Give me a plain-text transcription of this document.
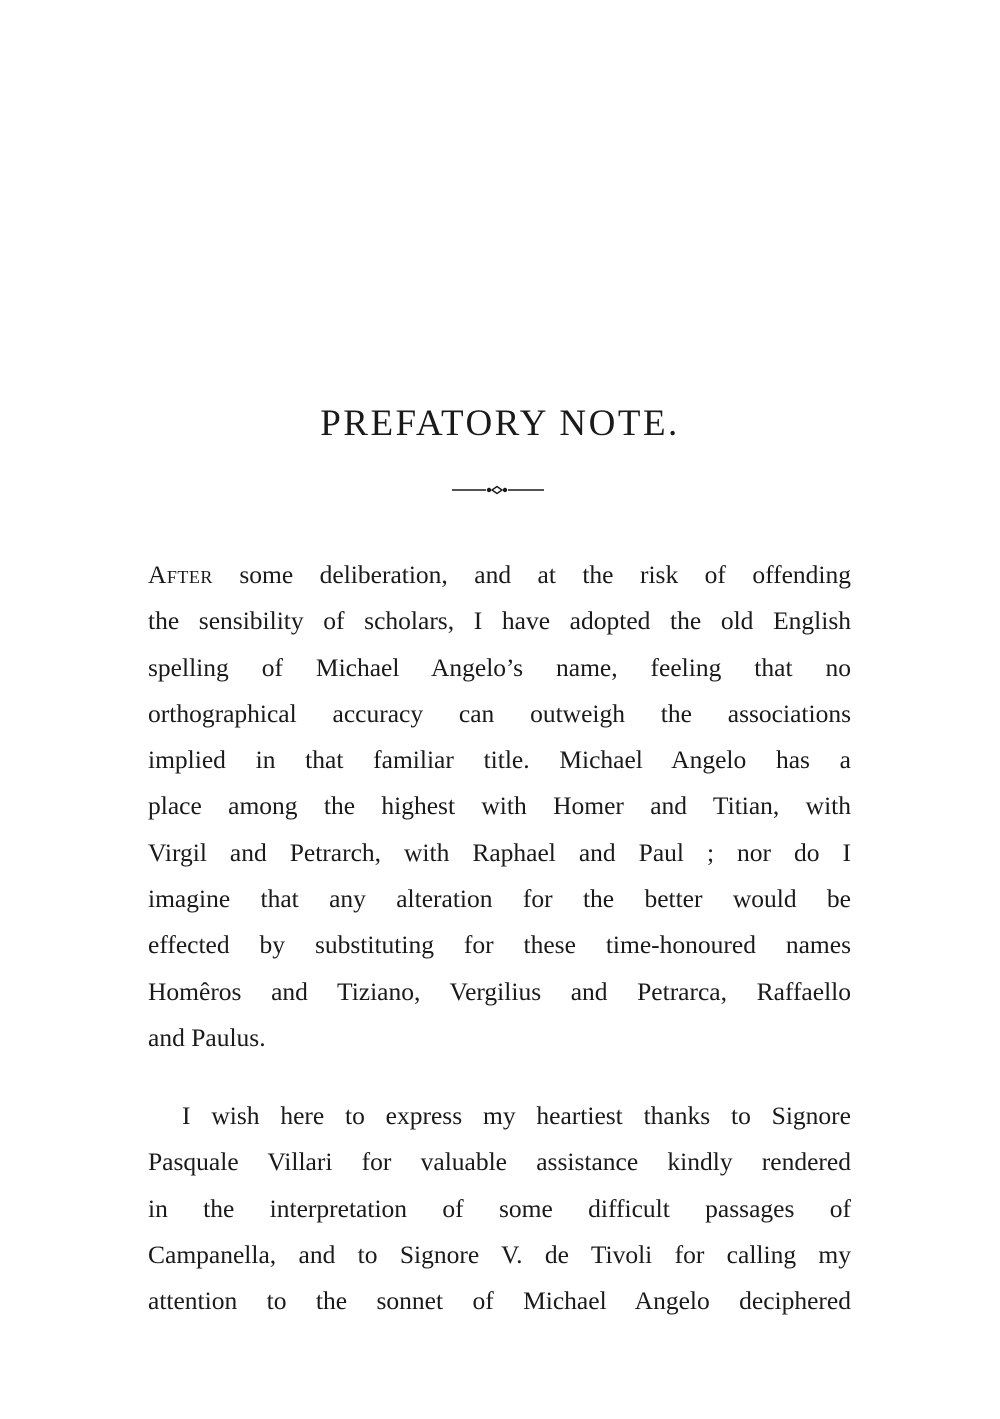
PREFATORY NOTE.

After some deliberation, and at the risk of offending
the sensibility of scholars, I have adopted the old English
spelling of Michael Angelo’s name, feeling that no
orthographical accuracy can outweigh the associations
implied in that familiar title. Michael Angelo has a
place among the highest with Homer and Titian, with
Virgil and Petrarch, with Raphael and Paul ; nor do I
imagine that any alteration for the better would be
effected by substituting for these time-honoured names
Homêros and Tiziano, Vergilius and Petrarca, Raffaello
and Paulus.

I wish here to express my heartiest thanks to Signore
Pasquale Villari for valuable assistance kindly rendered
in the interpretation of some difficult passages of
Campanella, and to Signore V. de Tivoli for calling my
attention to the sonnet of Michael Angelo deciphered
